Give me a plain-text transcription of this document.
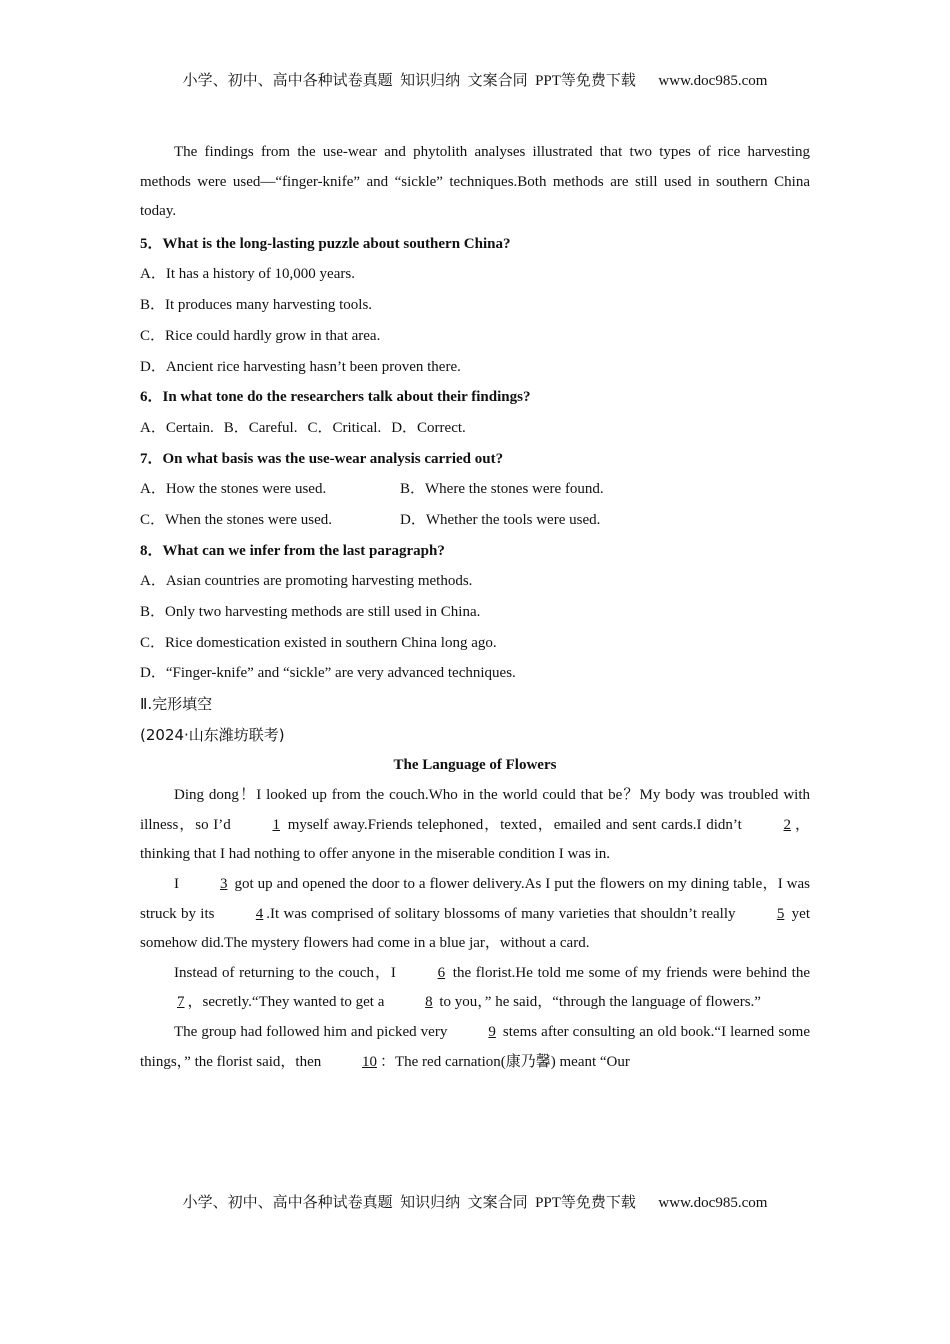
小学、初中、高中各种试卷真题  知识归纳  文案合同  PPT等免费下载      www.doc985.com

The findings from the use-wear and phytolith analyses illustrated that two types of rice harvesting methods were used—“finger-knife” and “sickle” techniques.Both methods are still used in southern China today.

5．What is the long-lasting puzzle about southern China?
A．It has a history of 10,000 years.
B．It produces many harvesting tools.
C．Rice could hardly grow in that area.
D．Ancient rice harvesting hasn’t been proven there.
6．In what tone do the researchers talk about their findings?
A．Certain. B．Careful. C．Critical. D．Correct.
7．On what basis was the use-wear analysis carried out?
A．How the stones were used.	B．Where the stones were found.
C．When the stones were used.	D．Whether the tools were used.
8．What can we infer from the last paragraph?
A．Asian countries are promoting harvesting methods.
B．Only two harvesting methods are still used in China.
C．Rice domestication existed in southern China long ago.
D．“Finger-knife” and “sickle” are very advanced techniques.
Ⅱ.完形填空
(2024·山东潍坊联考)
The Language of Flowers

Ding dong！I looked up from the couch.Who in the world could that be？My body was troubled with illness，so I’d 1 myself away.Friends telephoned，texted，emailed and sent cards.I didn’t 2 ，thinking that I had nothing to offer anyone in the miserable condition I was in.

I 3 got up and opened the door to a flower delivery.As I put the flowers on my dining table，I was struck by its 4 .It was comprised of solitary blossoms of many varieties that shouldn’t really 5 yet somehow did.The mystery flowers had come in a blue jar，without a card.

Instead of returning to the couch，I 6 the florist.He told me some of my friends were behind the 7 ，secretly.“They wanted to get a 8 to you，” he said，“through the language of flowers.”

The group had followed him and picked very 9 stems after consulting an old book.“I learned some things，” the florist said，then 10 ：The red carnation(康乃馨) meant “Our

小学、初中、高中各种试卷真题  知识归纳  文案合同  PPT等免费下载      www.doc985.com
